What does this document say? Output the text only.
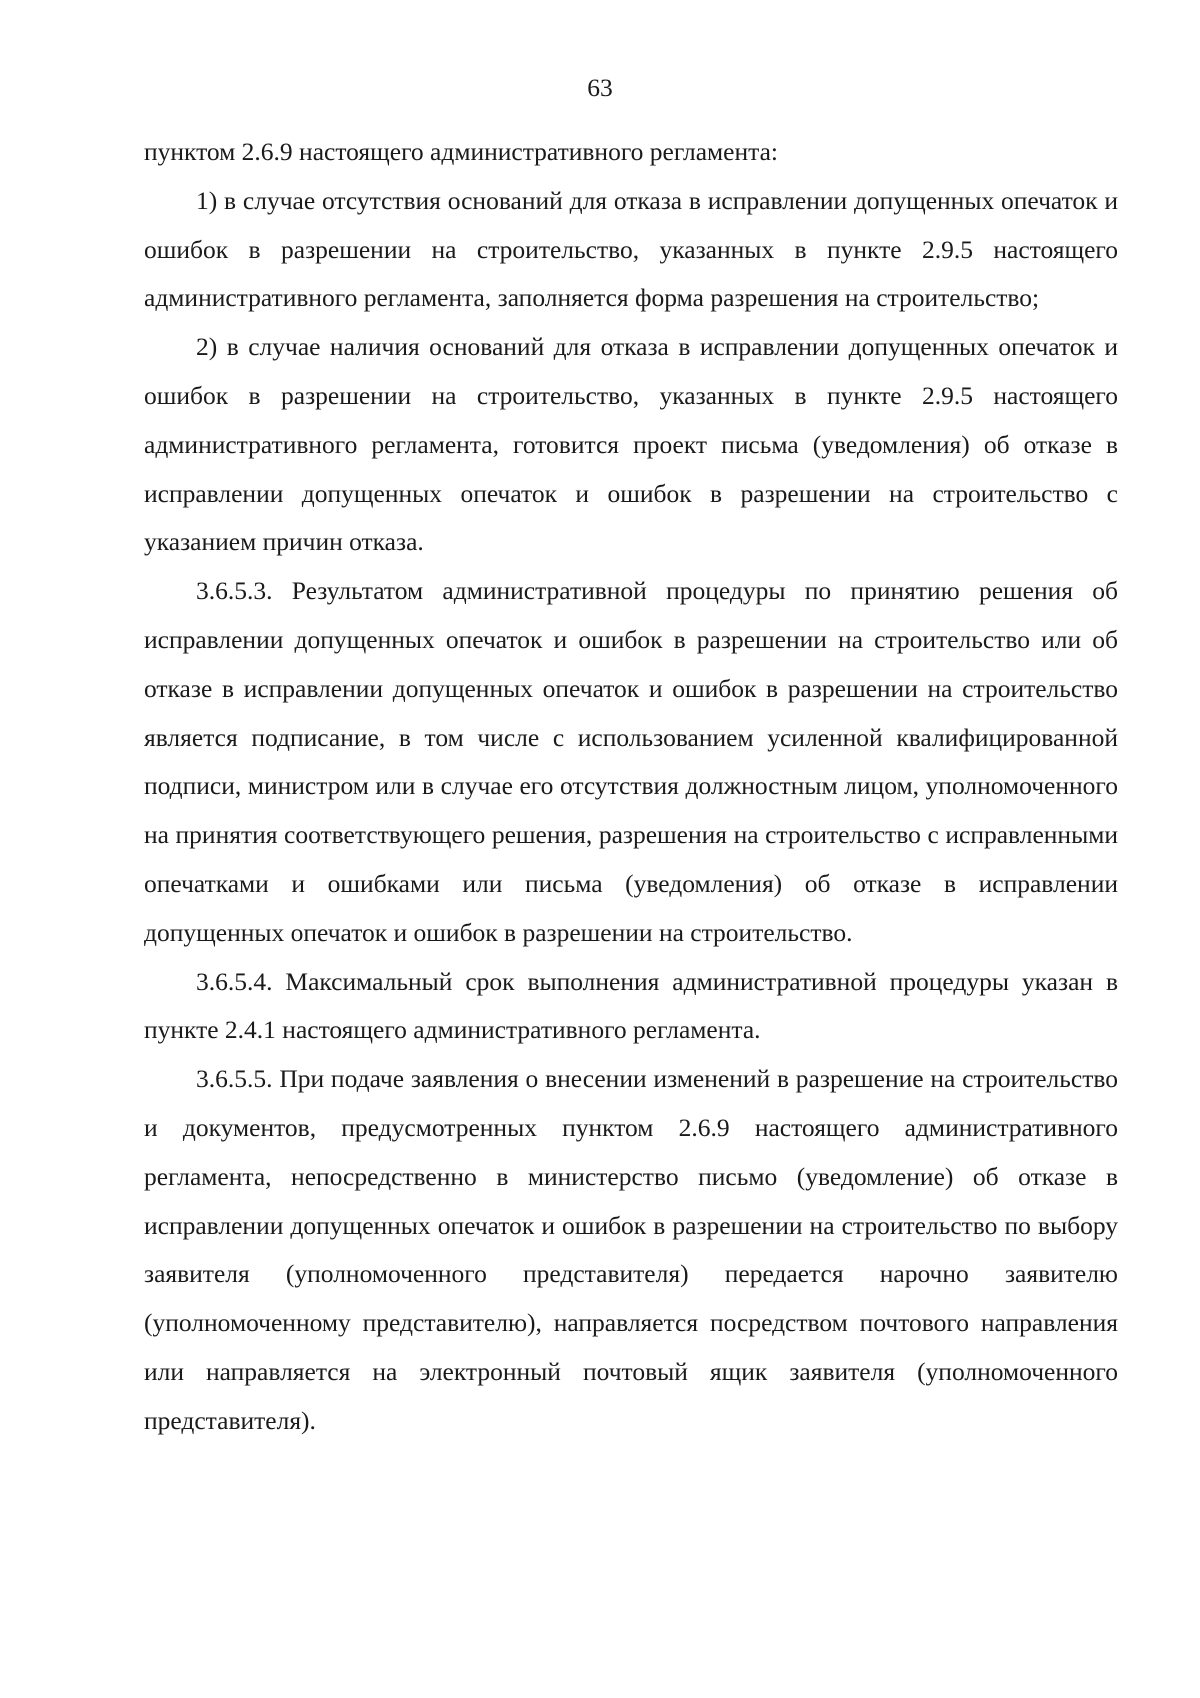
63

пунктом 2.6.9 настоящего административного регламента:

1) в случае отсутствия оснований для отказа в исправлении допущенных опечаток и ошибок в разрешении на строительство, указанных в пункте 2.9.5 настоящего административного регламента, заполняется форма разрешения на строительство;

2) в случае наличия оснований для отказа в исправлении допущенных опечаток и ошибок в разрешении на строительство, указанных в пункте 2.9.5 настоящего административного регламента, готовится проект письма (уведомления) об отказе в исправлении допущенных опечаток и ошибок в разрешении на строительство с указанием причин отказа.

3.6.5.3. Результатом административной процедуры по принятию решения об исправлении допущенных опечаток и ошибок в разрешении на строительство или об отказе в исправлении допущенных опечаток и ошибок в разрешении на строительство является подписание, в том числе с использованием усиленной квалифицированной подписи, министром или в случае его отсутствия должностным лицом, уполномоченного на принятия соответствующего решения, разрешения на строительство с исправленными опечатками и ошибками или письма (уведомления) об отказе в исправлении допущенных опечаток и ошибок в разрешении на строительство.

3.6.5.4. Максимальный срок выполнения административной процедуры указан в пункте 2.4.1 настоящего административного регламента.

3.6.5.5. При подаче заявления о внесении изменений в разрешение на строительство и документов, предусмотренных пунктом 2.6.9 настоящего административного регламента, непосредственно в министерство письмо (уведомление) об отказе в исправлении допущенных опечаток и ошибок в разрешении на строительство по выбору заявителя (уполномоченного представителя) передается нарочно заявителю (уполномоченному представителю), направляется посредством почтового направления или направляется на электронный почтовый ящик заявителя (уполномоченного представителя).
